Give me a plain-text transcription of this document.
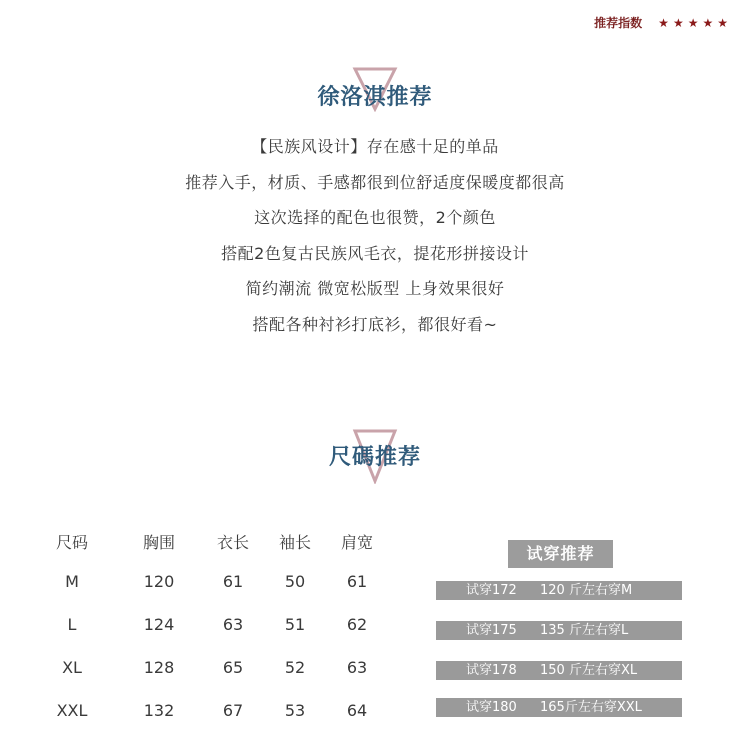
推荐指数 ★ ★ ★ ★ ★
徐洛淇推荐
【民族风设计】存在感十足的单品
推荐入手，材质、手感都很到位舒适度保暖度都很高
这次选择的配色也很赞，2个颜色
搭配2色复古民族风毛衣，提花形拼接设计
简约潮流 微宽松版型 上身效果很好
搭配各种衬衫打底衫，都很好看~
尺碼推荐
尺码	胸围	衣长	袖长	肩宽
M	120	61	50	61
L	124	63	51	62
XL	128	65	52	63
XXL	132	67	53	64
试穿推荐
试穿172 120 斤左右穿M
试穿175 135 斤左右穿L
试穿178 150 斤左右穿XL
试穿180 165斤左右穿XXL
